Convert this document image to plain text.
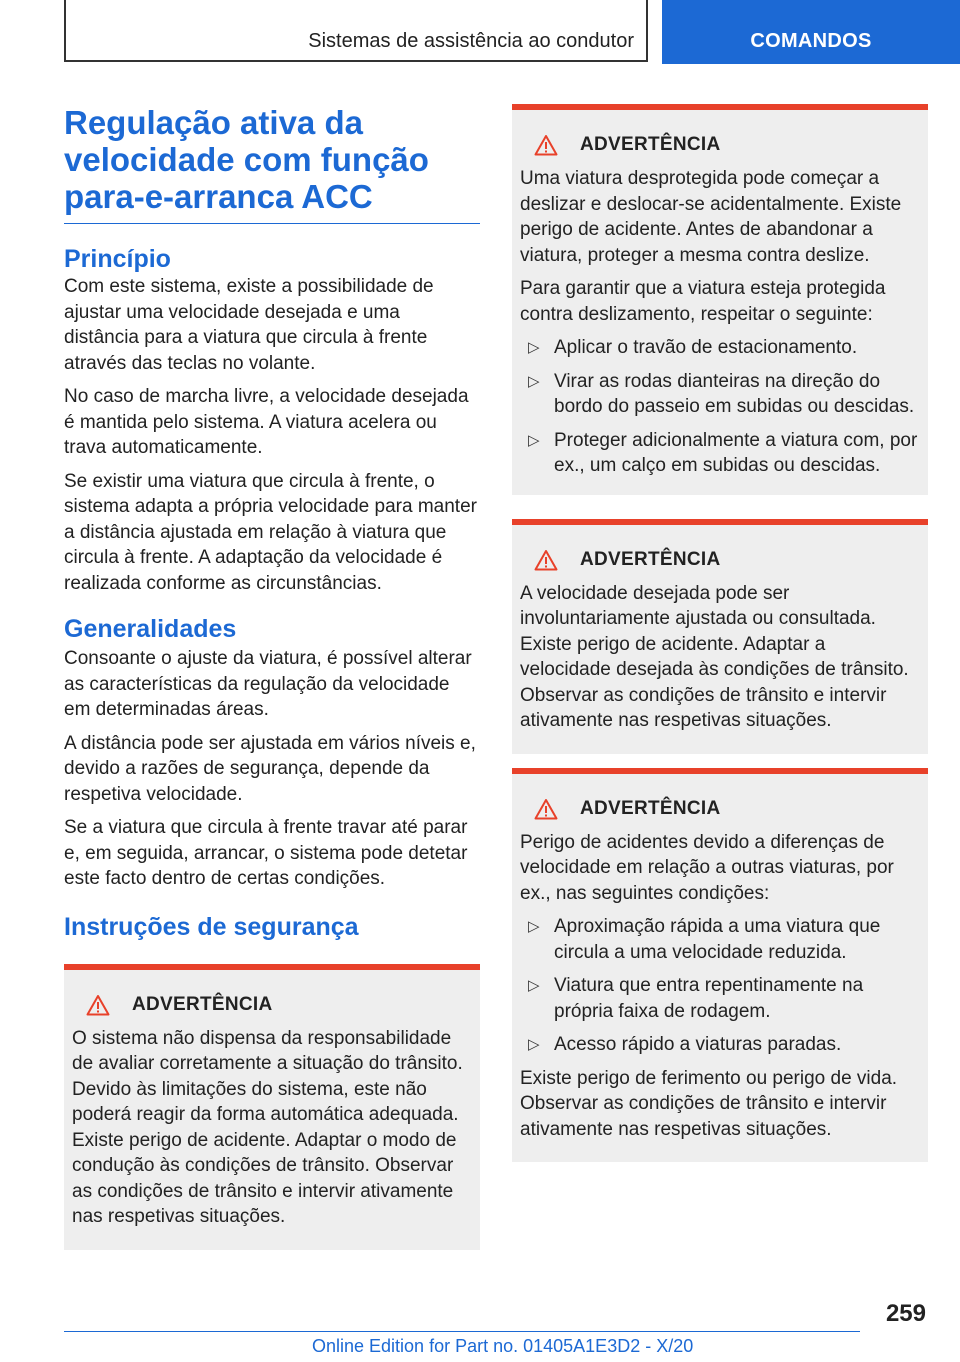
Sistemas de assistência ao condutor	COMANDOS
Regulação ativa da velocidade com função para-e-arranca ACC
Princípio

Com este sistema, existe a possibilidade de ajustar uma velocidade desejada e uma distância para a viatura que circula à frente através das teclas no volante.

No caso de marcha livre, a velocidade desejada é mantida pelo sistema. A viatura acelera ou trava automaticamente.

Se existir uma viatura que circula à frente, o sistema adapta a própria velocidade para manter a distância ajustada em relação à viatura que circula à frente. A adaptação da velocidade é realizada conforme as circunstâncias.

Generalidades

Consoante o ajuste da viatura, é possível alterar as características da regulação da velocidade em determinadas áreas.

A distância pode ser ajustada em vários níveis e, devido a razões de segurança, depende da respetiva velocidade.

Se a viatura que circula à frente travar até parar e, em seguida, arrancar, o sistema pode detetar este facto dentro de certas condições.

Instruções de segurança
ADVERTÊNCIA

O sistema não dispensa da responsabilidade de avaliar corretamente a situação do trânsito. Devido às limitações do sistema, este não poderá reagir da forma automática adequada. Existe perigo de acidente. Adaptar o modo de condução às condições de trânsito. Observar as condições de trânsito e intervir ativamente nas respetivas situações.

ADVERTÊNCIA

Uma viatura desprotegida pode começar a deslizar e deslocar-se acidentalmente. Existe perigo de acidente. Antes de abandonar a viatura, proteger a mesma contra deslize.

Para garantir que a viatura esteja protegida contra deslizamento, respeitar o seguinte:

▷ Aplicar o travão de estacionamento.
▷ Virar as rodas dianteiras na direção do bordo do passeio em subidas ou descidas.
▷ Proteger adicionalmente a viatura com, por ex., um calço em subidas ou descidas.
ADVERTÊNCIA

A velocidade desejada pode ser involuntariamente ajustada ou consultada. Existe perigo de acidente. Adaptar a velocidade desejada às condições de trânsito. Observar as condições de trânsito e intervir ativamente nas respetivas situações.

ADVERTÊNCIA

Perigo de acidentes devido a diferenças de velocidade em relação a outras viaturas, por ex., nas seguintes condições:

▷ Aproximação rápida a uma viatura que circula a uma velocidade reduzida.
▷ Viatura que entra repentinamente na própria faixa de rodagem.
▷ Acesso rápido a viaturas paradas.

Existe perigo de ferimento ou perigo de vida. Observar as condições de trânsito e intervir ativamente nas respetivas situações.

259
Online Edition for Part no. 01405A1E3D2 - X/20
